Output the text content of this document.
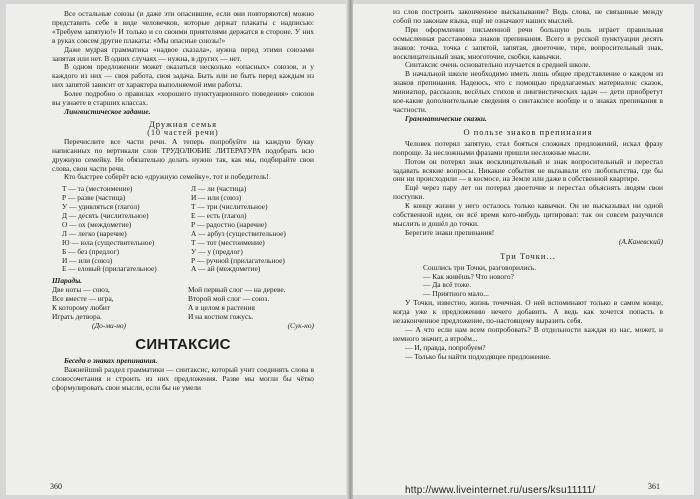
Все остальные союзы (и даже эти опасившие, если они повторяются) можно представить себе в виде человечков, которые держат плакаты с надписью: «Требуем запятую!» И только и со своими приятелями держатся в стороне. У них в руках совсем другие плакаты: «Мы опасные союзы!»

Даже мудрая грамматика «надвое сказала», нужна перед этими союзами запятая или нет. В одних случаях — нужна, в других — нет.

В одном предложении может оказаться несколько «опасных» союзов, и у каждого из них — своя работа, своя задача. Быть или не быть перед каждым из них запятой зависит от характера выполняемой ими работы.

Более подробно о правилах «хорошего пунктуационного поведения» союзов вы узнаете в старших классах.

Лингвистическое задание.

Дружная семья

(10 частей речи)

Перечислите все части речи. А теперь попробуйте на каждую букву написанных по вертикали слов ТРУДОЛЮБИЕ ЛИТЕРАТУРА подобрать всю дружную семейку. Не обязательно делать нужно так, как мы, подбирайте свои слова, свои части речи.

Кто быстрее соберёт всю «дружную семейку», тот и победитель!

Т — та (местоимение)
Р — разве (частица)
У — удивляться (глагол)
Д — десять (числительное)
О — ох (междометие)
Л — легко (наречие)
Ю — юла (существительное)
Б — без (предлог)
И — или (союз)
Е — еловый (прилагательное)
Л — ли (частица)
И — или (союз)
Т — три (числительное)
Е — есть (глагол)
Р — радостно (наречие)
А — арбуз (существительное)
Т — тот (местоимение)
У — у (предлог)
Р — ручной (прилагательное)
А — ай (междометие)

Шарады.

Две ноты — союз,
Все вместе — игра,
К которому любит
Играть детвора.
(До-ми-но)
Мой первый слог — на дереве.
Второй мой слог — союз.
А в целом я растения
И на костюм гожусь.
(Сук-но)
СИНТАКСИС

Беседа о знаках препинания.

Важнейший раздел грамматики — синтаксис, который учит соединять слова в словосочетания и строить из них предложения. Разве мы могли бы чётко сформулировать свои мысли, если бы не умели

360

из слов построить законченное высказывание? Ведь слова, не связанные между собой по законам языка, ещё не означают наших мыслей.

При оформлении письменной речи большую роль играет правильная осмысленная расстановка знаков препинания. Всего в русской пунктуации десять знаков: точка, точка с запятой, запятая, двоеточие, тире, вопросительный знак, восклицательный знак, многоточие, скобки, кавычки.

Синтаксис очень основательно изучается в средней школе.

В начальной школе необходимо иметь лишь общее представление о каждом из знаков препинания. Надеюсь, что с помощью предлагаемых материалов: сказок, миниатюр, рассказов, весёлых стихов и лингвистических задач — дети приобретут кое-какие дополнительные сведения о синтаксисе вообще и о знаках препинания в частности.

Грамматические сказки.

О пользе знаков препинания

Человек потерял запятую, стал бояться сложных предложений, искал фразу попроще. За несложными фразами пришли несложные мысли.

Потом он потерял знак восклицательный и знак вопросительный и перестал задавать всякие вопросы. Никакие события не вызывали его любопытства, где бы они ни происходили — в космосе, на Земле или даже в собственной квартире.

Ещё через пару лет он потерял двоеточие и перестал объяснять людям свои поступки.

К концу жизни у него осталось только кавычки. Он не высказывал ни одной собственной идеи, он всё время кого-нибудь цитировал: так он совсем разучился мыслить и дошёл до точки.

Берегите знаки препинания!

(А.Каневский)

Три Точки...

Сошлись три Точки, разговорились.
— Как живёшь? Что нового?
— Да всё тоже.
— Приятного мало...

У Точки, известно, жизнь точечная. О ней вспоминают только в самом конце, когда уже к предложению нечего добавить. А ведь как хочется попасть в незаконченное предложение, по-настоящему выразить себя.

— А что если нам всем попробовать? В отдельности каждая из нас, может, и немного значит, а втроём...

— И, правда, попробуем?

— Только бы найти подходящее предложение.

361
http://www.liveinternet.ru/users/ksu11111/
